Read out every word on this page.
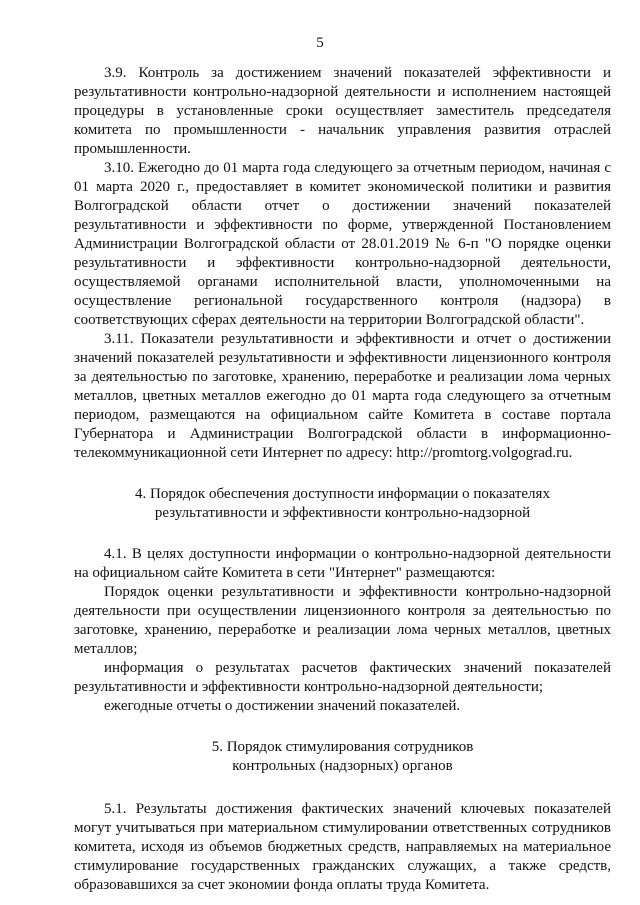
5

3.9. Контроль за достижением значений показателей эффективности и результативности контрольно-надзорной деятельности и исполнением настоящей процедуры в установленные сроки осуществляет заместитель председателя комитета по промышленности - начальник управления развития отраслей промышленности.

3.10. Ежегодно до 01 марта года следующего за отчетным периодом, начиная с 01 марта 2020 г., предоставляет в комитет экономической политики и развития Волгоградской области отчет о достижении значений показателей результативности и эффективности по форме, утвержденной Постановлением Администрации Волгоградской области от 28.01.2019 № 6-п "О порядке оценки результативности и эффективности контрольно-надзорной деятельности, осуществляемой органами исполнительной власти, уполномоченными на осуществление региональной государственного контроля (надзора) в соответствующих сферах деятельности на территории Волгоградской области".

3.11. Показатели результативности и эффективности и отчет о достижении значений показателей результативности и эффективности лицензионного контроля за деятельностью по заготовке, хранению, переработке и реализации лома черных металлов, цветных металлов ежегодно до 01 марта года следующего за отчетным периодом, размещаются на официальном сайте Комитета в составе портала Губернатора и Администрации Волгоградской области в информационно-телекоммуникационной сети Интернет по адресу: http://promtorg.volgograd.ru.

4. Порядок обеспечения доступности информации о показателях
результативности и эффективности контрольно-надзорной

4.1. В целях доступности информации о контрольно-надзорной деятельности на официальном сайте Комитета в сети "Интернет" размещаются:

Порядок оценки результативности и эффективности контрольно-надзорной деятельности при осуществлении лицензионного контроля за деятельностью по заготовке, хранению, переработке и реализации лома черных металлов, цветных металлов;

информация о результатах расчетов фактических значений показателей результативности и эффективности контрольно-надзорной деятельности;

ежегодные отчеты о достижении значений показателей.

5. Порядок стимулирования сотрудников
контрольных (надзорных) органов

5.1. Результаты достижения фактических значений ключевых показателей могут учитываться при материальном стимулировании ответственных сотрудников комитета, исходя из объемов бюджетных средств, направляемых на материальное стимулирование государственных гражданских служащих, а также средств, образовавшихся за счет экономии фонда оплаты труда Комитета.
